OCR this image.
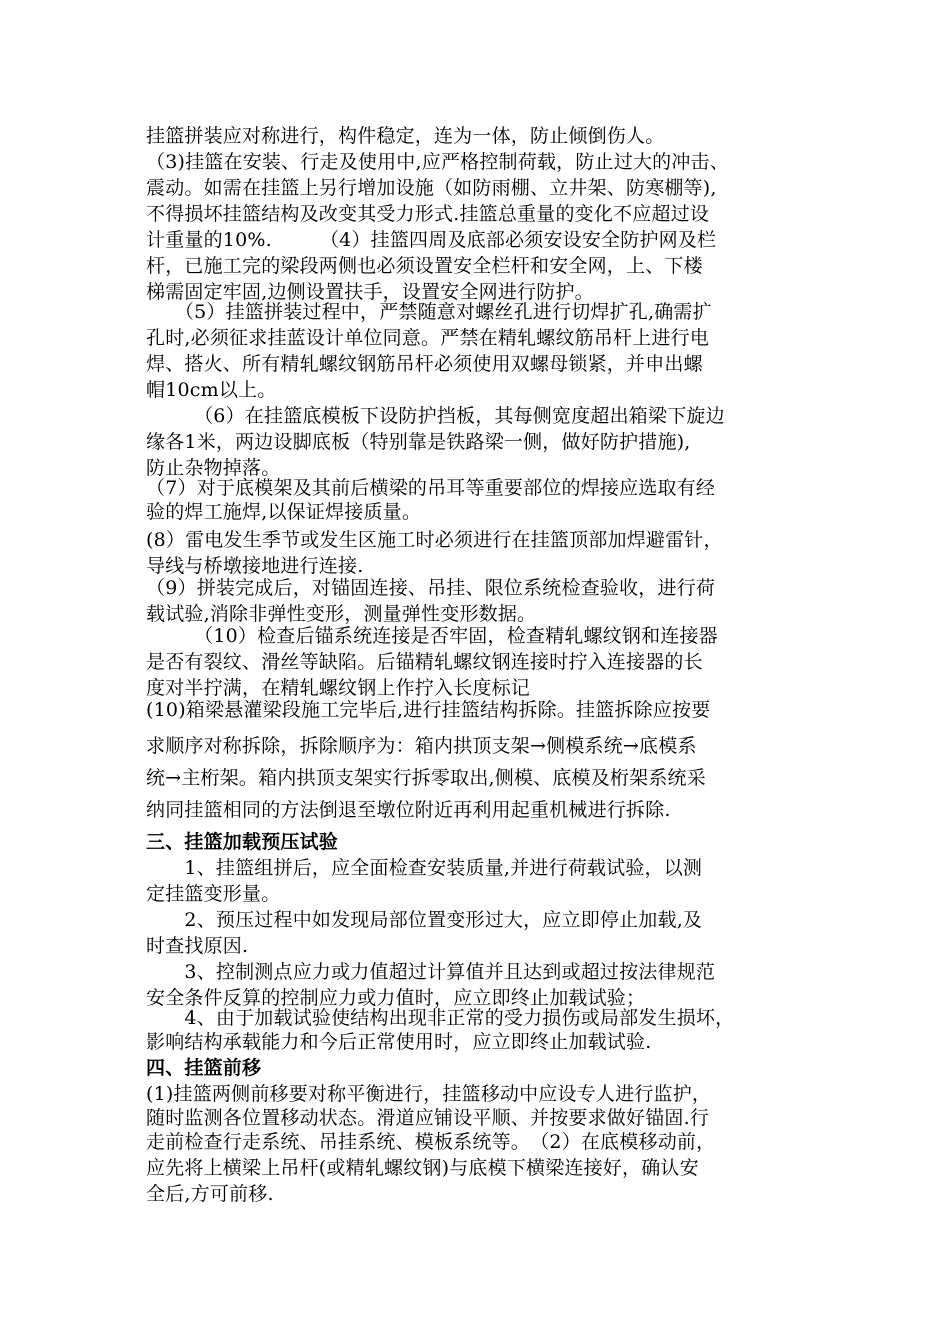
挂篮拼装应对称进行，构件稳定，连为一体，防止倾倒伤人。

（3)挂篮在安装、行走及使用中,应严格控制荷载，防止过大的冲击、

震动。如需在挂篮上另行增加设施（如防雨棚、立井架、防寒棚等),

不得损坏挂篮结构及改变其受力形式.挂篮总重量的变化不应超过设

计重量的10%.　　　（4）挂篮四周及底部必须安设安全防护网及栏

杆，已施工完的梁段两侧也必须设置安全栏杆和安全网，上、下楼

梯需固定牢固,边侧设置扶手，设置安全网进行防护。

　　（5）挂篮拼装过程中，严禁随意对螺丝孔进行切焊扩孔,确需扩

孔时,必须征求挂蓝设计单位同意。严禁在精轧螺纹筋吊杆上进行电

焊、搭火、所有精轧螺纹钢筋吊杆必须使用双螺母锁紧，并申出螺

帽10cm以上。

　　　（6）在挂篮底模板下设防护挡板，其每侧宽度超出箱梁下旋边

缘各1米，两边设脚底板（特别靠是铁路梁一侧，做好防护措施),

防止杂物掉落。

（7）对于底模架及其前后横梁的吊耳等重要部位的焊接应选取有经

验的焊工施焊,以保证焊接质量。

(8）雷电发生季节或发生区施工时必须进行在挂篮顶部加焊避雷针，

导线与桥墩接地进行连接.

（9）拼装完成后，对锚固连接、吊挂、限位系统检查验收，进行荷

载试验,消除非弹性变形，测量弹性变形数据。

　　　（10）检查后锚系统连接是否牢固，检查精轧螺纹钢和连接器

是否有裂纹、滑丝等缺陷。后锚精轧螺纹钢连接时拧入连接器的长

度对半拧满，在精轧螺纹钢上作拧入长度标记

(10)箱梁悬灌梁段施工完毕后,进行挂篮结构拆除。挂篮拆除应按要

求顺序对称拆除，拆除顺序为：箱内拱顶支架→侧模系统→底模系

统→主桁架。箱内拱顶支架实行拆零取出,侧模、底模及桁架系统采

纳同挂篮相同的方法倒退至墩位附近再利用起重机械进行拆除.

三、挂篮加载预压试验

　　1、挂篮组拼后，应全面检查安装质量,并进行荷载试验，以测

定挂篮变形量。

　　2、预压过程中如发现局部位置变形过大，应立即停止加载,及

时查找原因.

　　3、控制测点应力或力值超过计算值并且达到或超过按法律规范

安全条件反算的控制应力或力值时，应立即终止加载试验；

　　4、由于加载试验使结构出现非正常的受力损伤或局部发生损坏，

影响结构承载能力和今后正常使用时，应立即终止加载试验.

四、挂篮前移

(1)挂篮两侧前移要对称平衡进行，挂篮移动中应设专人进行监护，

随时监测各位置移动状态。滑道应铺设平顺、并按要求做好锚固.行

走前检查行走系统、吊挂系统、模板系统等。　（2）在底模移动前，

应先将上横梁上吊杆(或精轧螺纹钢)与底模下横梁连接好，确认安

全后,方可前移.
